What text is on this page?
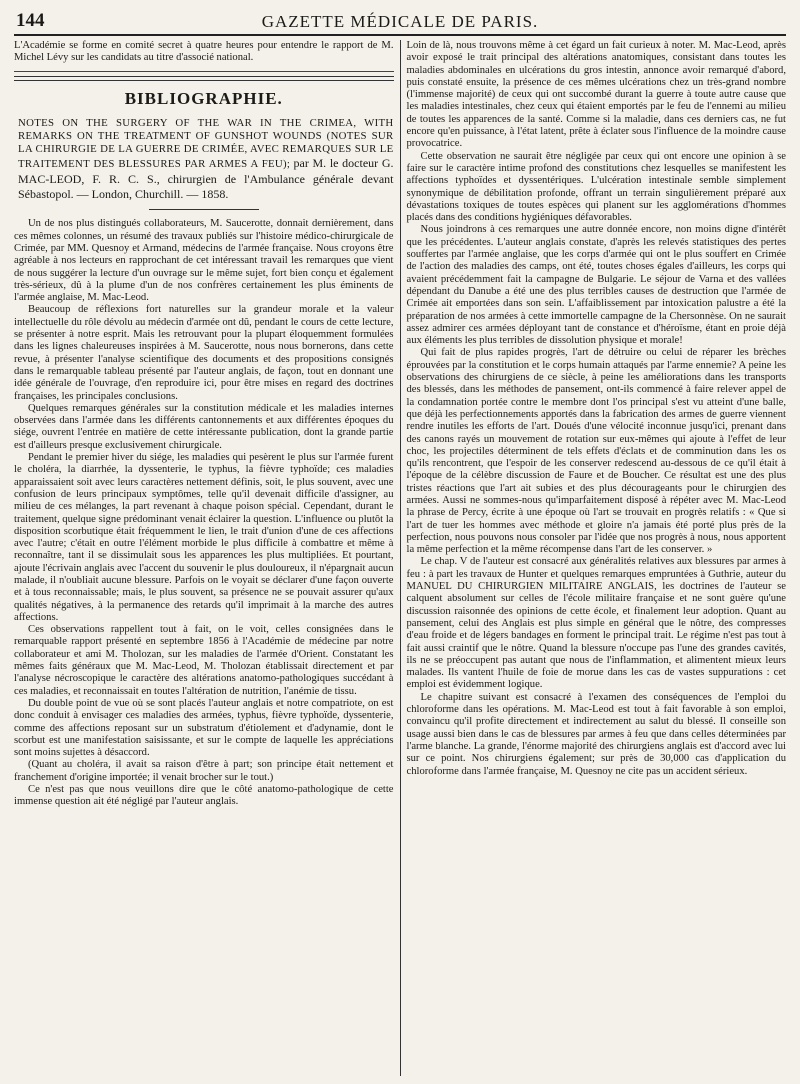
144	GAZETTE MÉDICALE DE PARIS.

L'Académie se forme en comité secret à quatre heures pour entendre le rapport de M. Michel Lévy sur les candidats au titre d'associé national.

BIBLIOGRAPHIE.

NOTES ON THE SURGERY OF THE WAR IN THE CRIMEA, WITH REMARKS ON THE TREATMENT OF GUNSHOT WOUNDS (NOTES SUR LA CHIRURGIE DE LA GUERRE DE CRIMÉE, AVEC REMARQUES SUR LE TRAITEMENT DES BLESSURES PAR ARMES A FEU); par M. le docteur G. MAC-LEOD, F. R. C. S., chirurgien de l'Ambulance générale devant Sébastopol. — London, Churchill. — 1858.

Un de nos plus distingués collaborateurs, M. Saucerotte, donnait dernièrement, dans ces mêmes colonnes, un résumé des travaux publiés sur l'histoire médico-chirurgicale de Crimée, par MM. Quesnoy et Armand, médecins de l'armée française. Nous croyons être agréable à nos lecteurs en rapprochant de cet intéressant travail les remarques que vient de nous suggérer la lecture d'un ouvrage sur le même sujet, fort bien conçu et également très-sérieux, dû à la plume d'un de nos confrères certainement les plus éminents de l'armée anglaise, M. Mac-Leod.

Beaucoup de réflexions fort naturelles sur la grandeur morale et la valeur intellectuelle du rôle dévolu au médecin d'armée ont dû, pendant le cours de cette lecture, se présenter à notre esprit. Mais les retrouvant pour la plupart éloquemment formulées dans les lignes chaleureuses inspirées à M. Saucerotte, nous nous bornerons, dans cette revue, à présenter l'analyse scientifique des documents et des propositions consignés dans le remarquable tableau présenté par l'auteur anglais, de façon, tout en donnant une idée générale de l'ouvrage, d'en reproduire ici, pour être mises en regard des doctrines françaises, les principales conclusions.

Quelques remarques générales sur la constitution médicale et les maladies internes observées dans l'armée dans les différents cantonnements et aux différentes époques du siége, ouvrent l'entrée en matière de cette intéressante publication, dont la grande partie est d'ailleurs presque exclusivement chirurgicale.

Pendant le premier hiver du siége, les maladies qui pesèrent le plus sur l'armée furent le choléra, la diarrhée, la dyssenterie, le typhus, la fièvre typhoïde; ces maladies apparaissaient soit avec leurs caractères nettement définis, soit, le plus souvent, avec une confusion de leurs principaux symptômes, telle qu'il devenait difficile d'assigner, au milieu de ces mélanges, la part revenant à chaque poison spécial. Cependant, durant le traitement, quelque signe prédominant venait éclairer la question. L'influence ou plutôt la disposition scorbutique était fréquemment le lien, le trait d'union d'une de ces affections avec l'autre; c'était en outre l'élément morbide le plus difficile à combattre et même à reconnaître, tant il se dissimulait sous les apparences les plus multipliées. Et pourtant, ajoute l'écrivain anglais avec l'accent du souvenir le plus douloureux, il n'épargnait aucun malade, il n'oubliait aucune blessure. Parfois on le voyait se déclarer d'une façon ouverte et à tous reconnaissable; mais, le plus souvent, sa présence ne se pouvait assurer qu'aux qualités négatives, à la permanence des retards qu'il imprimait à la marche des autres affections.

Ces observations rappellent tout à fait, on le voit, celles consignées dans le remarquable rapport présenté en septembre 1856 à l'Académie de médecine par notre collaborateur et ami M. Tholozan, sur les maladies de l'armée d'Orient. Constatant les mêmes faits généraux que M. Mac-Leod, M. Tholozan établissait directement et par l'analyse nécroscopique le caractère des altérations anatomo-pathologiques succédant à ces maladies, et reconnaissait en toutes l'altération de nutrition, l'anémie de tissu.

Du double point de vue où se sont placés l'auteur anglais et notre compatriote, on est donc conduit à envisager ces maladies des armées, typhus, fièvre typhoïde, dyssenterie, comme des affections reposant sur un substratum d'étiolement et d'adynamie, dont le scorbut est une manifestation saisissante, et sur le compte de laquelle les appréciations sont moins sujettes à désaccord.

(Quant au choléra, il avait sa raison d'être à part; son principe était nettement et franchement d'origine importée; il venait brocher sur le tout.)

Ce n'est pas que nous veuillons dire que le côté anatomo-pathologique de cette immense question ait été négligé par l'auteur anglais.

Loin de là, nous trouvons même à cet égard un fait curieux à noter. M. Mac-Leod, après avoir exposé le trait principal des altérations anatomiques, consistant dans toutes les maladies abdominales en ulcérations du gros intestin, annonce avoir remarqué d'abord, puis constaté ensuite, la présence de ces mêmes ulcérations chez un très-grand nombre (l'immense majorité) de ceux qui ont succombé durant la guerre à toute autre cause que les maladies intestinales, chez ceux qui étaient emportés par le feu de l'ennemi au milieu de toutes les apparences de la santé. Comme si la maladie, dans ces derniers cas, ne fut encore qu'en puissance, à l'état latent, prête à éclater sous l'influence de la moindre cause provocatrice.

Cette observation ne saurait être négligée par ceux qui ont encore une opinion à se faire sur le caractère intime profond des constitutions chez lesquelles se manifestent les affections typhoïdes et dyssentériques. L'ulcération intestinale semble simplement synonymique de débilitation profonde, offrant un terrain singulièrement préparé aux dévastations toxiques de toutes espèces qui planent sur les agglomérations d'hommes placés dans des conditions hygiéniques défavorables.

Nous joindrons à ces remarques une autre donnée encore, non moins digne d'intérêt que les précédentes. L'auteur anglais constate, d'après les relevés statistiques des pertes souffertes par l'armée anglaise, que les corps d'armée qui ont le plus souffert en Crimée de l'action des maladies des camps, ont été, toutes choses égales d'ailleurs, les corps qui avaient précédemment fait la campagne de Bulgarie. Le séjour de Varna et des vallées dépendant du Danube a été une des plus terribles causes de destruction que l'armée de Crimée ait emportées dans son sein. L'affaiblissement par intoxication palustre a été la préparation de nos armées à cette immortelle campagne de la Chersonnèse. On ne saurait assez admirer ces armées déployant tant de constance et d'héroïsme, étant en proie déjà aux éléments les plus terribles de dissolution physique et morale!

Qui fait de plus rapides progrès, l'art de détruire ou celui de réparer les brèches éprouvées par la constitution et le corps humain attaqués par l'arme ennemie? A peine les observations des chirurgiens de ce siècle, à peine les améliorations dans les transports des blessés, dans les méthodes de pansement, ont-ils commencé à faire relever appel de la condamnation portée contre le membre dont l'os principal s'est vu atteint d'une balle, que déjà les perfectionnements apportés dans la fabrication des armes de guerre viennent rendre inutiles les efforts de l'art. Doués d'une vélocité inconnue jusqu'ici, prenant dans des canons rayés un mouvement de rotation sur eux-mêmes qui ajoute à l'effet de leur choc, les projectiles déterminent de tels effets d'éclats et de comminution dans les os qu'ils rencontrent, que l'espoir de les conserver redescend au-dessous de ce qu'il était à l'époque de la célèbre discussion de Faure et de Boucher. Ce résultat est une des plus tristes réactions que l'art ait subies et des plus décourageants pour le chirurgien des armées. Aussi ne sommes-nous qu'imparfaitement disposé à répéter avec M. Mac-Leod la phrase de Percy, écrite à une époque où l'art se trouvait en progrès relatifs : « Que si l'art de tuer les hommes avec méthode et gloire n'a jamais été porté plus près de la perfection, nous pouvons nous consoler par l'idée que nos progrès à nous, nous apportent la même perfection et la même récompense dans l'art de les conserver. »

Le chap. V de l'auteur est consacré aux généralités relatives aux blessures par armes à feu : à part les travaux de Hunter et quelques remarques empruntées à Guthrie, auteur du MANUEL DU CHIRURGIEN MILITAIRE ANGLAIS, les doctrines de l'auteur se calquent absolument sur celles de l'école militaire française et ne sont guère qu'une discussion raisonnée des opinions de cette école, et finalement leur adoption. Quant au pansement, celui des Anglais est plus simple en général que le nôtre, des compresses d'eau froide et de légers bandages en forment le principal trait. Le régime n'est pas tout à fait aussi craintif que le nôtre. Quand la blessure n'occupe pas l'une des grandes cavités, ils ne se préoccupent pas autant que nous de l'inflammation, et alimentent mieux leurs malades. Ils vantent l'huile de foie de morue dans les cas de vastes suppurations : cet emploi est évidemment logique.

Le chapitre suivant est consacré à l'examen des conséquences de l'emploi du chloroforme dans les opérations. M. Mac-Leod est tout à fait favorable à son emploi, convaincu qu'il profite directement et indirectement au salut du blessé. Il conseille son usage aussi bien dans le cas de blessures par armes à feu que dans celles déterminées par l'arme blanche. La grande, l'énorme majorité des chirurgiens anglais est d'accord avec lui sur ce point. Nos chirurgiens également; sur près de 30,000 cas d'application du chloroforme dans l'armée française, M. Quesnoy ne cite pas un accident sérieux.
